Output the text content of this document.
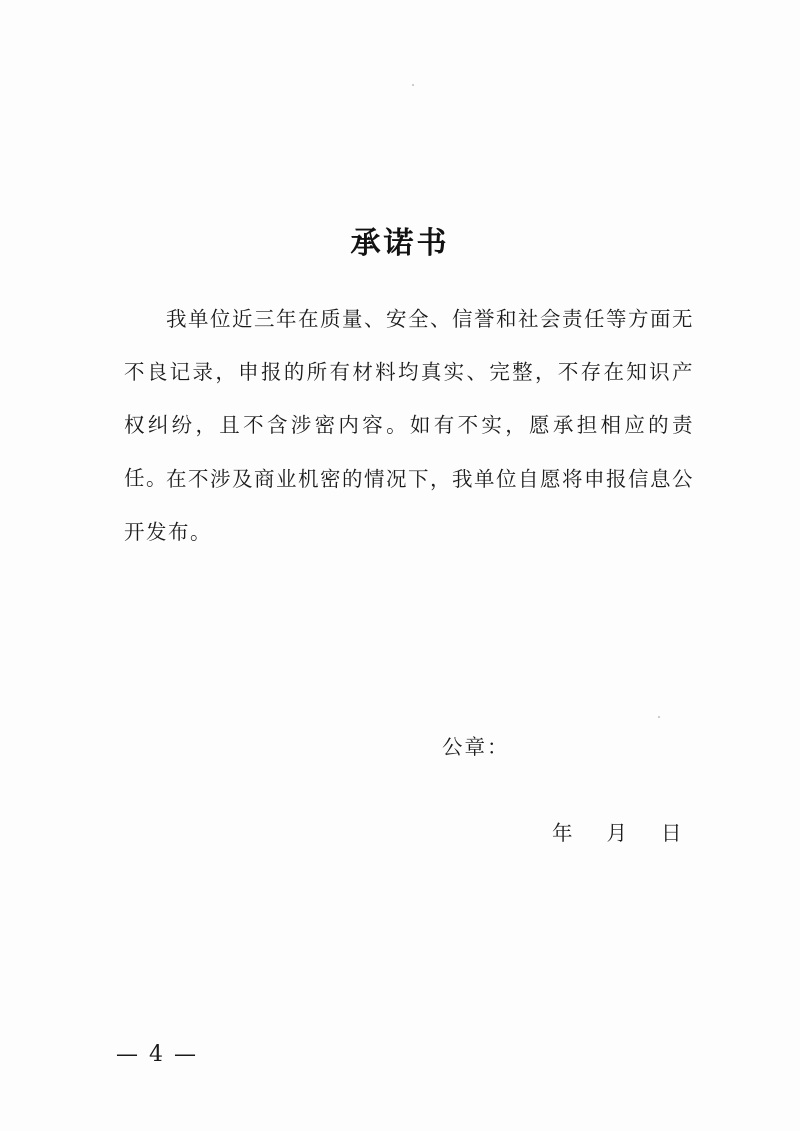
承诺书

我单位近三年在质量、安全、信誉和社会责任等方面无不良记录，申报的所有材料均真实、完整，不存在知识产权纠纷，且不含涉密内容。如有不实，愿承担相应的责任。

在不涉及商业机密的情况下，我单位自愿将申报信息公开发布。

公章：
年 月 日
— 4 —
